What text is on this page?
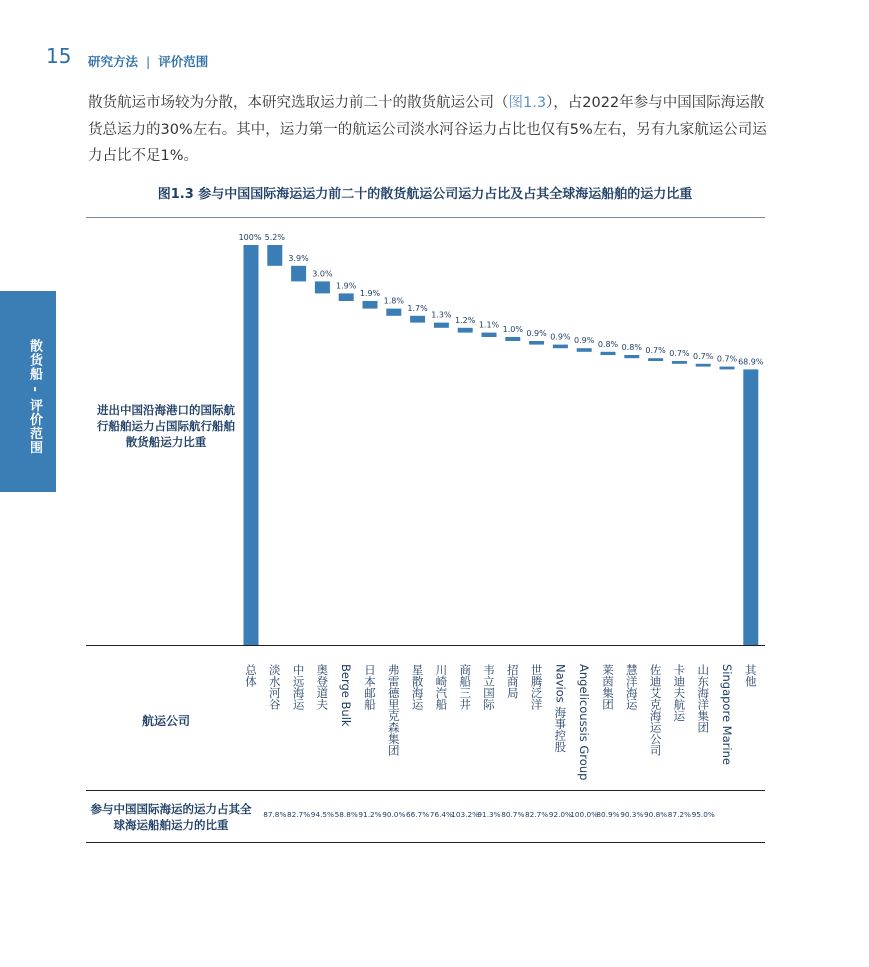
15 研究方法 | 评价范围
散货船 - 评价范围
散货航运市场较为分散，本研究选取运力前二十的散货航运公司（图1.3），占2022年参与中国国际海运散货总运力的30%左右。其中，运力第一的航运公司淡水河谷运力占比也仅有5%左右，另有九家航运公司运力占比不足1%。
图1.3 参与中国国际海运运力前二十的散货航运公司运力占比及占其全球海运船舶的运力比重
进出中国沿海港口的国际航行船舶运力占国际航行船舶散货船运力比重
航运公司
参与中国国际海运的运力占其全球海运船舶运力的比重
100% 5.2%
3.9%
3.0%
1.9%
1.9%
1.8%
1.7%
1.3%
1.2%
1.1% 1.0% 0.9% 0.9% 0.9% 0.8% 0.8% 0.7% 0.7% 0.7% 0.7% 68.9%
总体 淡水河谷
87.8%
中远海运
82.7%
奥登道夫
94.5%
Berge Bulk
58.8%
日本邮船
91.2%
弗雷德里克森集团
90.0%
星散海运
66.7%
川崎汽船
76.4%
商船三井
103.2%
韦立国际
91.3%
招商局
80.7%
世腾泛洋
82.7%
Navios 海事控股
92.0%
Angelicoussis Group
100.0%
莱茵集团
80.9%
慧洋海运
90.3%
佐迪艾克海运公司
90.8%
卡迪夫航运
87.2%
山东海洋集团
95.0%
Singapore Marine 其他
